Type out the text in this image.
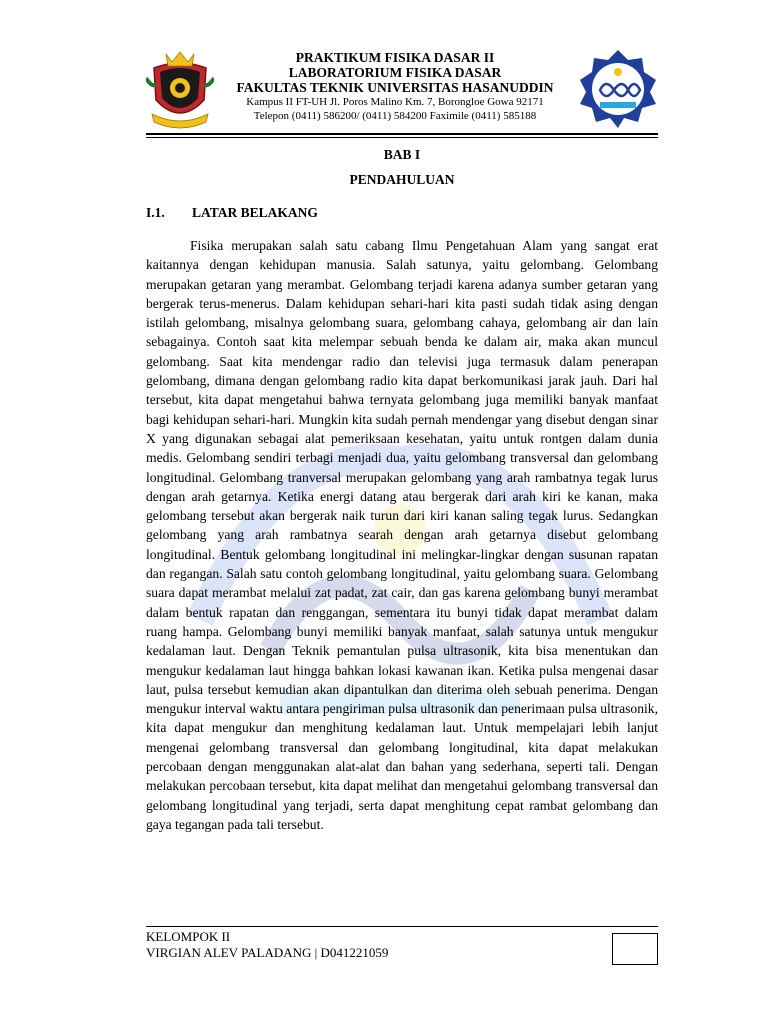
PRAKTIKUM FISIKA DASAR II
LABORATORIUM FISIKA DASAR
FAKULTAS TEKNIK UNIVERSITAS HASANUDDIN
Kampus II FT-UH Jl. Poros Malino Km. 7, Borongloe Gowa 92171
Telepon (0411) 586200/ (0411) 584200 Faximile (0411) 585188
BAB I
PENDAHULUAN
I.1. LATAR BELAKANG

Fisika merupakan salah satu cabang Ilmu Pengetahuan Alam yang sangat erat kaitannya dengan kehidupan manusia. Salah satunya, yaitu gelombang. Gelombang merupakan getaran yang merambat. Gelombang terjadi karena adanya sumber getaran yang bergerak terus-menerus. Dalam kehidupan sehari-hari kita pasti sudah tidak asing dengan istilah gelombang, misalnya gelombang suara, gelombang cahaya, gelombang air dan lain sebagainya. Contoh saat kita melempar sebuah benda ke dalam air, maka akan muncul gelombang. Saat kita mendengar radio dan televisi juga termasuk dalam penerapan gelombang, dimana dengan gelombang radio kita dapat berkomunikasi jarak jauh. Dari hal tersebut, kita dapat mengetahui bahwa ternyata gelombang juga memiliki banyak manfaat bagi kehidupan sehari-hari. Mungkin kita sudah pernah mendengar yang disebut dengan sinar X yang digunakan sebagai alat pemeriksaan kesehatan, yaitu untuk rontgen dalam dunia medis. Gelombang sendiri terbagi menjadi dua, yaitu gelombang transversal dan gelombang longitudinal. Gelombang tranversal merupakan gelombang yang arah rambatnya tegak lurus dengan arah getarnya. Ketika energi datang atau bergerak dari arah kiri ke kanan, maka gelombang tersebut akan bergerak naik turun dari kiri kanan saling tegak lurus. Sedangkan gelombang yang arah rambatnya searah dengan arah getarnya disebut gelombang longitudinal. Bentuk gelombang longitudinal ini melingkar-lingkar dengan susunan rapatan dan regangan. Salah satu contoh gelombang longitudinal, yaitu gelombang suara. Gelombang suara dapat merambat melalui zat padat, zat cair, dan gas karena gelombang bunyi merambat dalam bentuk rapatan dan renggangan, sementara itu bunyi tidak dapat merambat dalam ruang hampa. Gelombang bunyi memiliki banyak manfaat, salah satunya untuk mengukur kedalaman laut. Dengan Teknik pemantulan pulsa ultrasonik, kita bisa menentukan dan mengukur kedalaman laut hingga bahkan lokasi kawanan ikan. Ketika pulsa mengenai dasar laut, pulsa tersebut kemudian akan dipantulkan dan diterima oleh sebuah penerima. Dengan mengukur interval waktu antara pengiriman pulsa ultrasonik dan penerimaan pulsa ultrasonik, kita dapat mengukur dan menghitung kedalaman laut. Untuk mempelajari lebih lanjut mengenai gelombang transversal dan gelombang longitudinal, kita dapat melakukan percobaan dengan menggunakan alat-alat dan bahan yang sederhana, seperti tali. Dengan melakukan percobaan tersebut, kita dapat melihat dan mengetahui gelombang transversal dan gelombang longitudinal yang terjadi, serta dapat menghitung cepat rambat gelombang dan gaya tegangan pada tali tersebut.

KELOMPOK II
VIRGIAN ALEV PALADANG | D041221059
